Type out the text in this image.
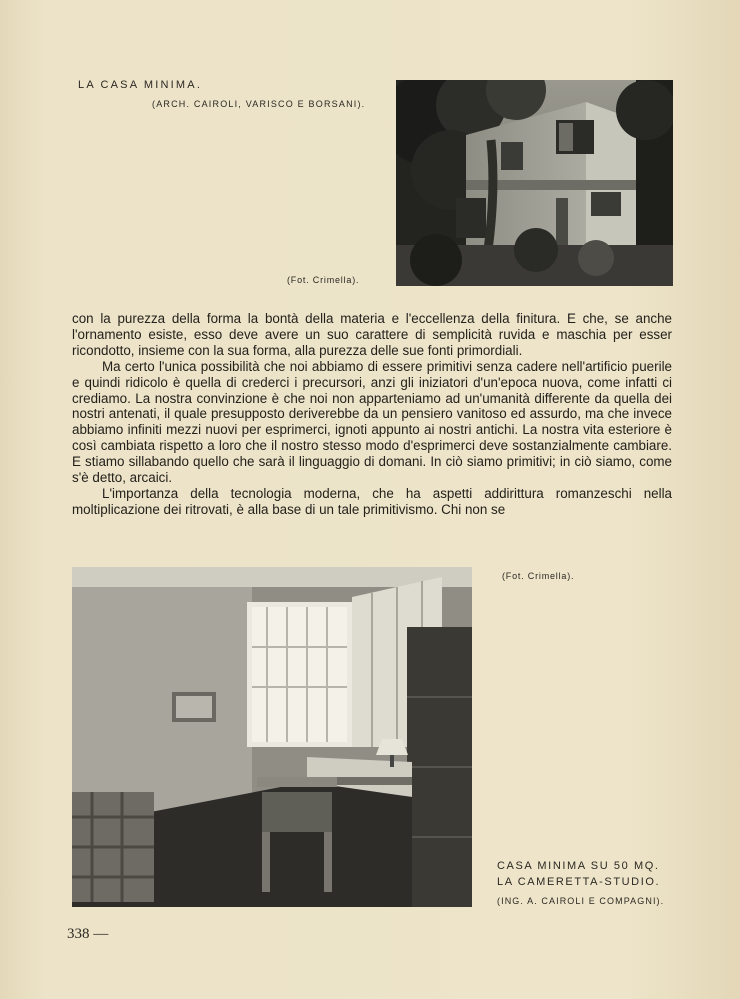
LA CASA MINIMA.
(ARCH. CAIROLI, VARISCO E BORSANI).
(Fot. Crimella).

con la purezza della forma la bontà della materia e l'eccellenza della finitura. E che, se anche l'ornamento esiste, esso deve avere un suo carattere di semplicità ruvida e maschia per esser ricondotto, insieme con la sua forma, alla purezza delle sue fonti primordiali.

Ma certo l'unica possibilità che noi abbiamo di essere primitivi senza cadere nell'artificio puerile e quindi ridicolo è quella di crederci i precursori, anzi gli iniziatori d'un'epoca nuova, come infatti ci crediamo. La nostra convinzione è che noi non apparteniamo ad un'umanità differente da quella dei nostri antenati, il quale presupposto deriverebbe da un pensiero vanitoso ed assurdo, ma che invece abbiamo infiniti mezzi nuovi per esprimerci, ignoti appunto ai nostri antichi. La nostra vita esteriore è così cambiata rispetto a loro che il nostro stesso modo d'esprimerci deve sostanzialmente cambiare. E stiamo sillabando quello che sarà il linguaggio di domani. In ciò siamo primitivi; in ciò siamo, come s'è detto, arcaici.

L'importanza della tecnologia moderna, che ha aspetti addirittura romanzeschi nella moltiplicazione dei ritrovati, è alla base di un tale primitivismo. Chi non se

(Fot. Crimella).
CASA MINIMA SU 50 MQ.
LA CAMERETTA-STUDIO.
(ING. A. CAIROLI E COMPAGNI).
338 —
